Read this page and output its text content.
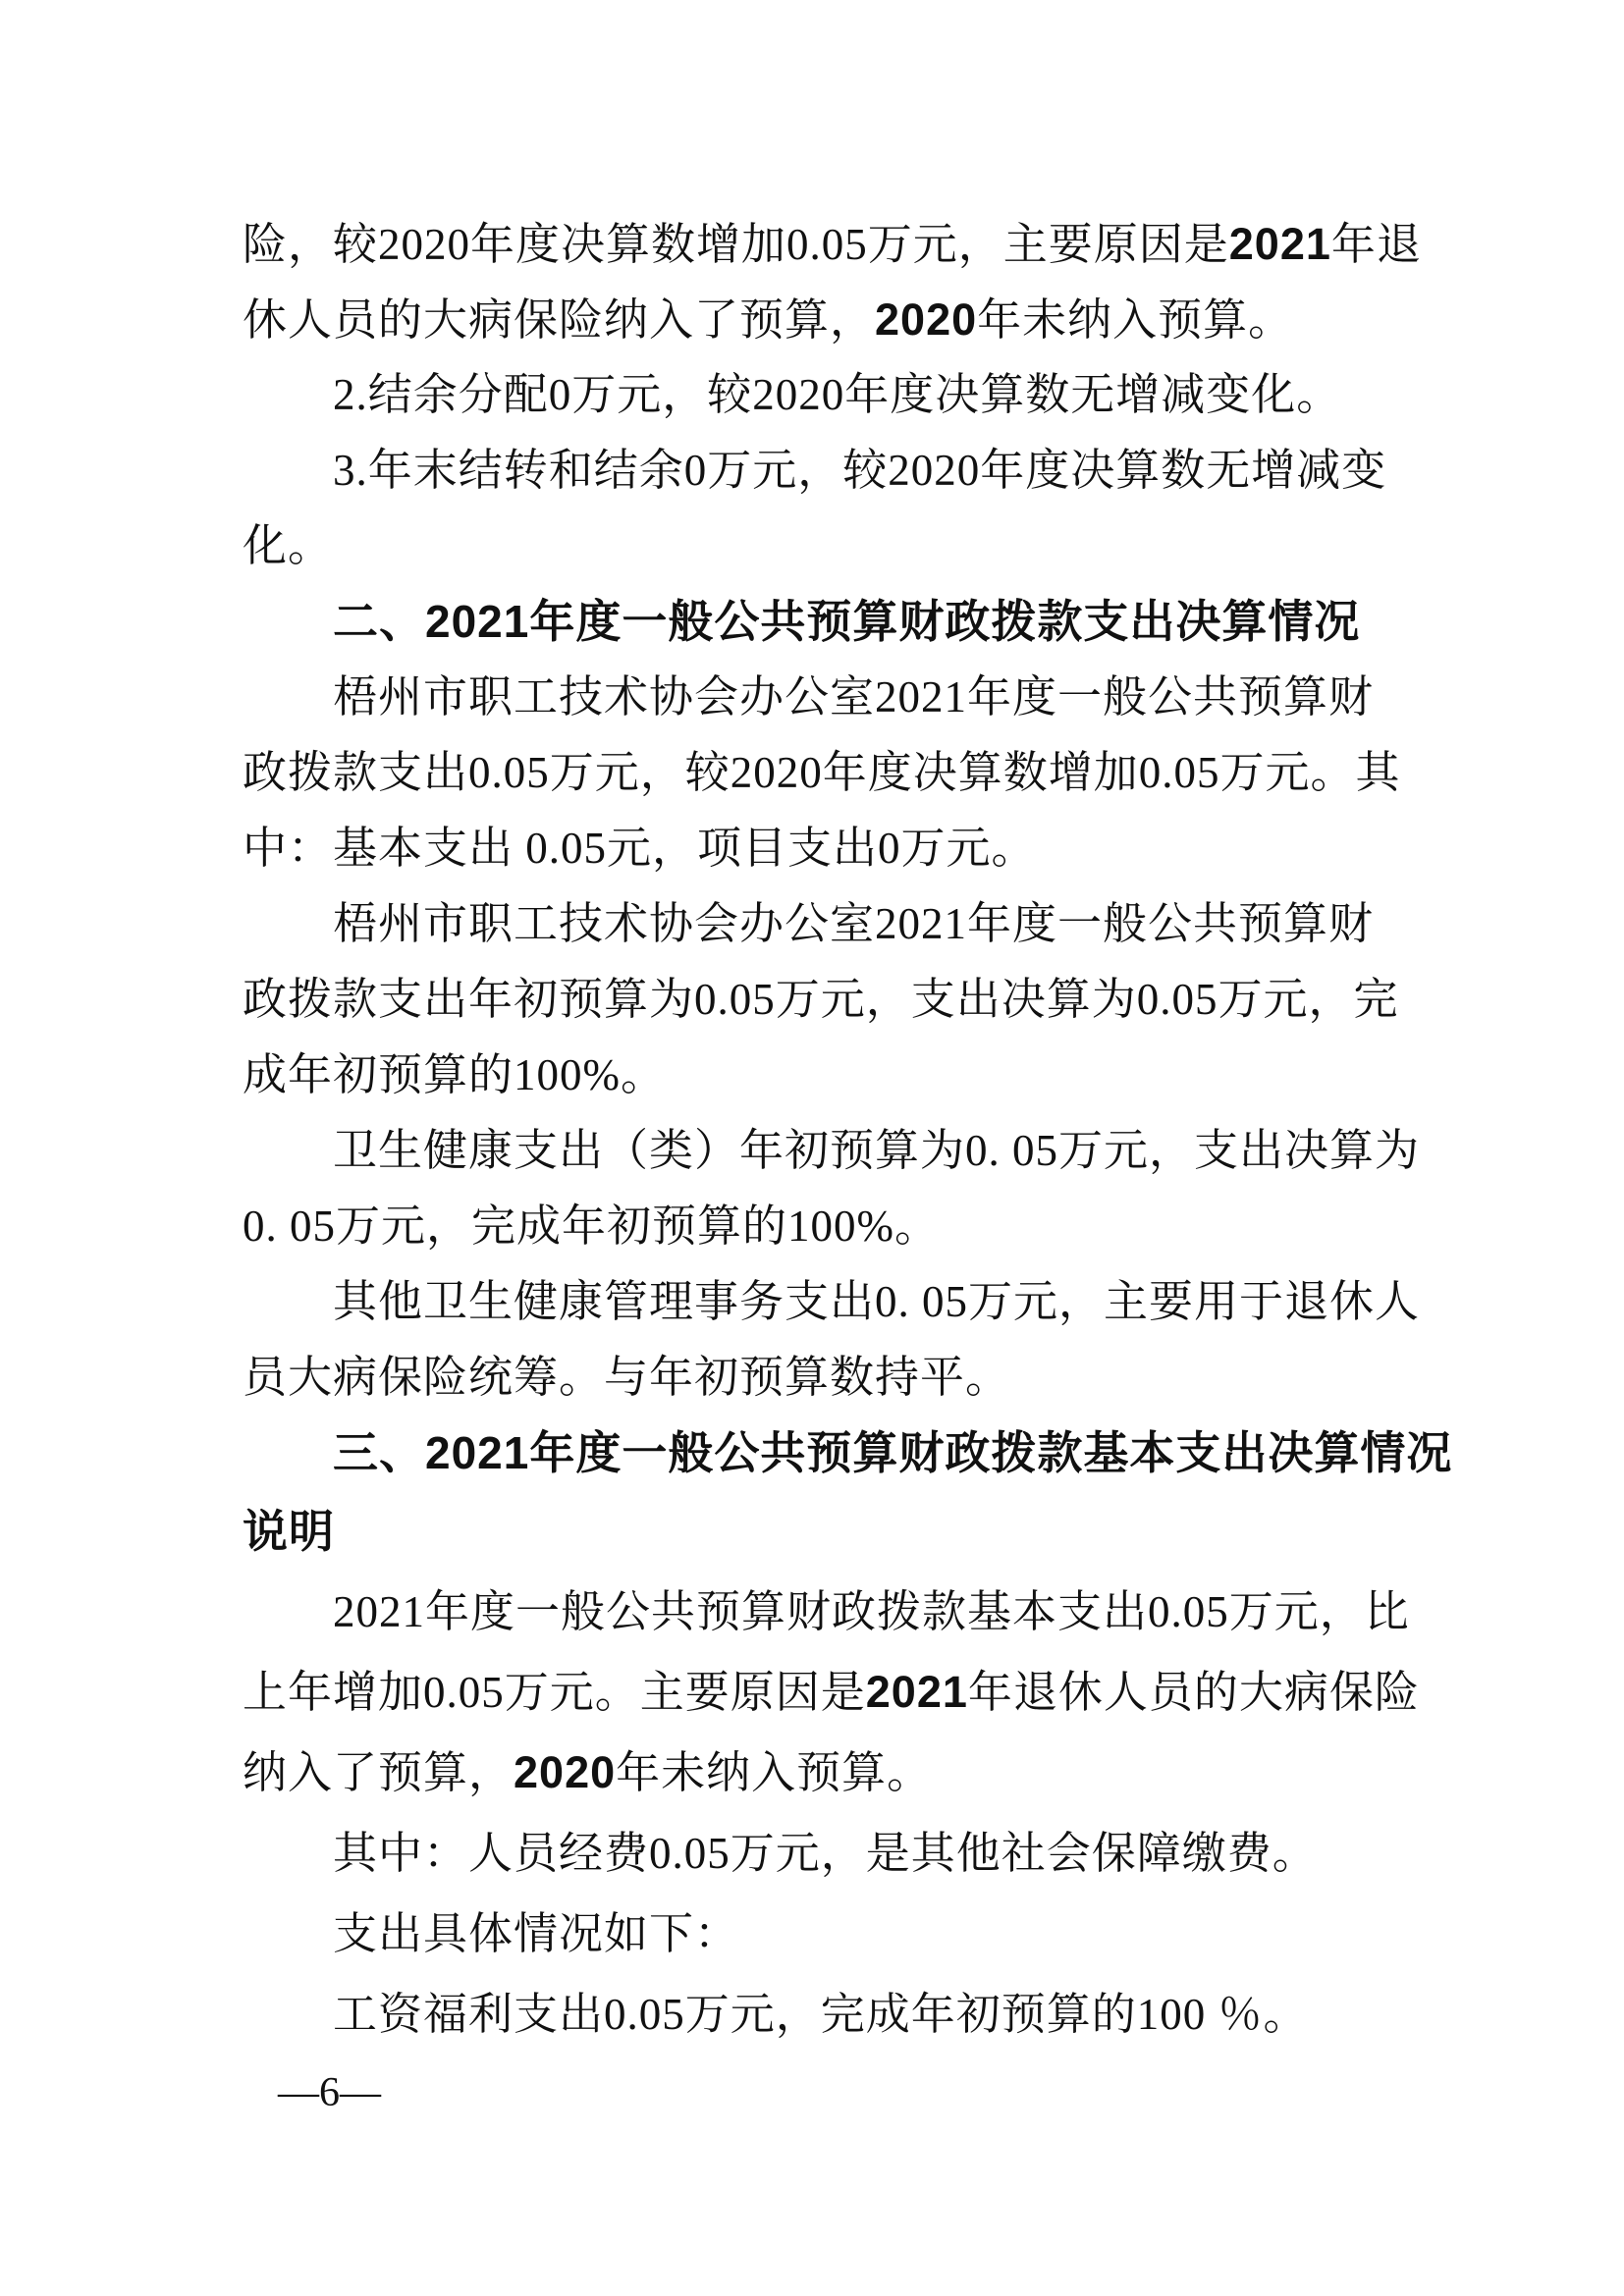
险，较2020年度决算数增加0.05万元，主要原因是2021年退
休人员的大病保险纳入了预算，2020年未纳入预算。
2.结余分配0万元，较2020年度决算数无增减变化。
3.年末结转和结余0万元，较2020年度决算数无增减变
化。
二、2021年度一般公共预算财政拨款支出决算情况
梧州市职工技术协会办公室2021年度一般公共预算财
政拨款支出0.05万元，较2020年度决算数增加0.05万元。其
中：基本支出 0.05元，项目支出0万元。
梧州市职工技术协会办公室2021年度一般公共预算财
政拨款支出年初预算为0.05万元，支出决算为0.05万元，完
成年初预算的100%。
卫生健康支出（类）年初预算为0. 05万元，支出决算为
0. 05万元，完成年初预算的100%。
其他卫生健康管理事务支出0. 05万元，主要用于退休人
员大病保险统筹。与年初预算数持平。
三、2021年度一般公共预算财政拨款基本支出决算情况
说明
2021年度一般公共预算财政拨款基本支出0.05万元，比
上年增加0.05万元。主要原因是2021年退休人员的大病保险
纳入了预算，2020年未纳入预算。
其中：人员经费0.05万元，是其他社会保障缴费。
支出具体情况如下：
工资福利支出0.05万元，完成年初预算的100 ％。
—6—
